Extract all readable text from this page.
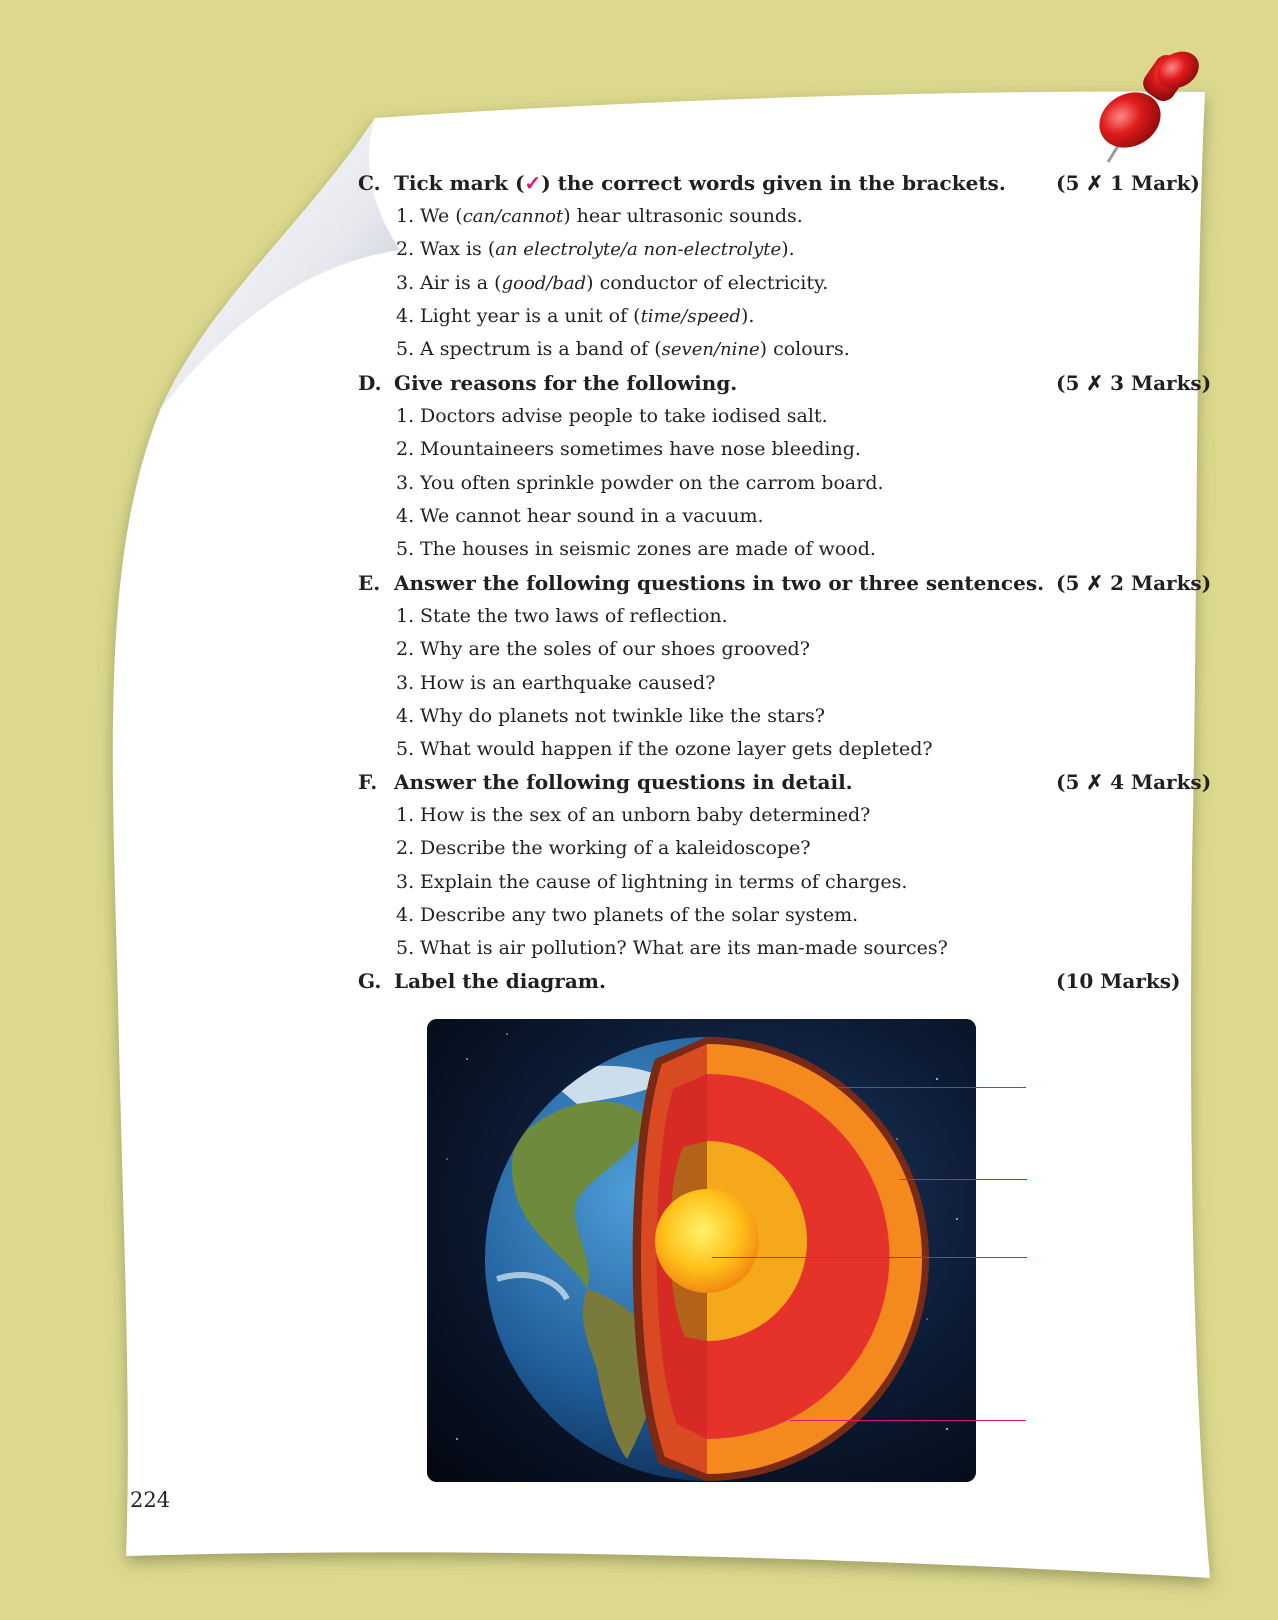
C. Tick mark (✓) the correct words given in the brackets.	(5 ✗ 1 Mark)
1. We (can/cannot) hear ultrasonic sounds.
2. Wax is (an electrolyte/a non-electrolyte).
3. Air is a (good/bad) conductor of electricity.
4. Light year is a unit of (time/speed).
5. A spectrum is a band of (seven/nine) colours.
D. Give reasons for the following.	(5 ✗ 3 Marks)
1. Doctors advise people to take iodised salt.
2. Mountaineers sometimes have nose bleeding.
3. You often sprinkle powder on the carrom board.
4. We cannot hear sound in a vacuum.
5. The houses in seismic zones are made of wood.
E. Answer the following questions in two or three sentences. (5 ✗ 2 Marks)
1. State the two laws of reflection.
2. Why are the soles of our shoes grooved?
3. How is an earthquake caused?
4. Why do planets not twinkle like the stars?
5. What would happen if the ozone layer gets depleted?
F. Answer the following questions in detail.	(5 ✗ 4 Marks)
1. How is the sex of an unborn baby determined?
2. Describe the working of a kaleidoscope?
3. Explain the cause of lightning in terms of charges.
4. Describe any two planets of the solar system.
5. What is air pollution? What are its man-made sources?
G. Label the diagram.	(10 Marks)
224
